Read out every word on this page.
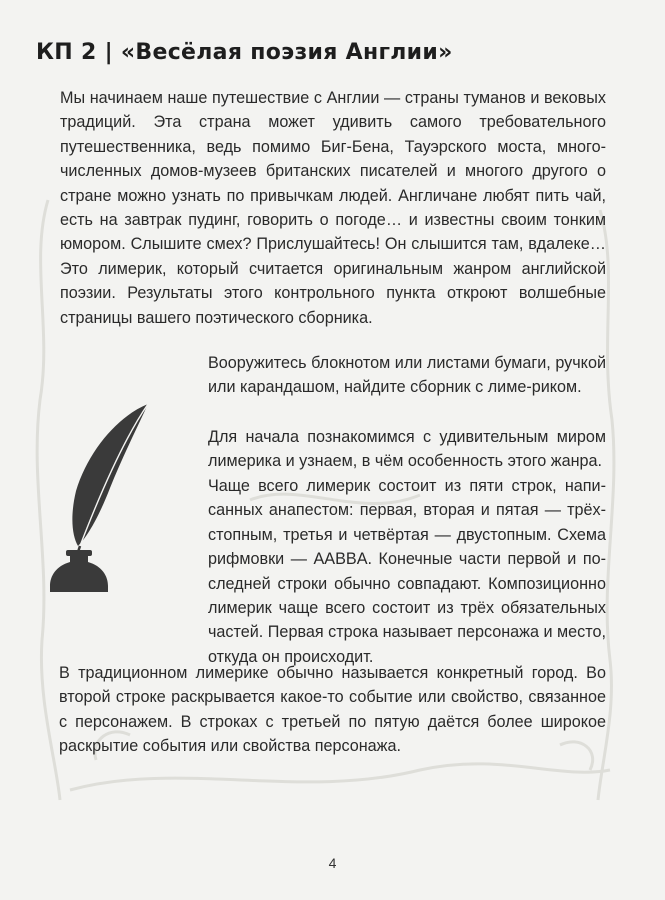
КП 2 | «Весёлая поэзия Англии»

Мы начинаем наше путешествие с Англии — страны туманов и вековых традиций. Эта страна может удивить самого требовательного путешественника, ведь помимо Биг-Бена, Тауэрского моста, много-численных домов-музеев британских писателей и многого другого о стране можно узнать по привычкам людей. Англичане любят пить чай, есть на завтрак пудинг, говорить о погоде… и известны своим тонким юмором. Слышите смех? Прислушайтесь! Он слышится там, вдалеке… Это лимерик, который считается оригинальным жанром английской поэзии. Результаты этого контрольного пункта откроют волшебные страницы вашего поэтического сборника.

Вооружитесь блокнотом или листами бумаги, ручкой или карандашом, найдите сборник с лиме-риком.

Для начала познакомимся с удивительным миром лимерика и узнаем, в чём особенность этого жанра.

Чаще всего лимерик состоит из пяти строк, напи-санных анапестом: первая, вторая и пятая — трёх-стопным, третья и четвёртая — двустопным. Схема рифмовки — AABBA. Конечные части первой и по-следней строки обычно совпадают. Композиционно лимерик чаще всего состоит из трёх обязательных частей. Первая строка называет персонажа и место, откуда он происходит.

В традиционном лимерике обычно называется конкретный город. Во второй строке раскрывается какое-то событие или свойство, связанное с персонажем. В строках с третьей по пятую даётся более широкое раскрытие события или свойства персонажа.

4
